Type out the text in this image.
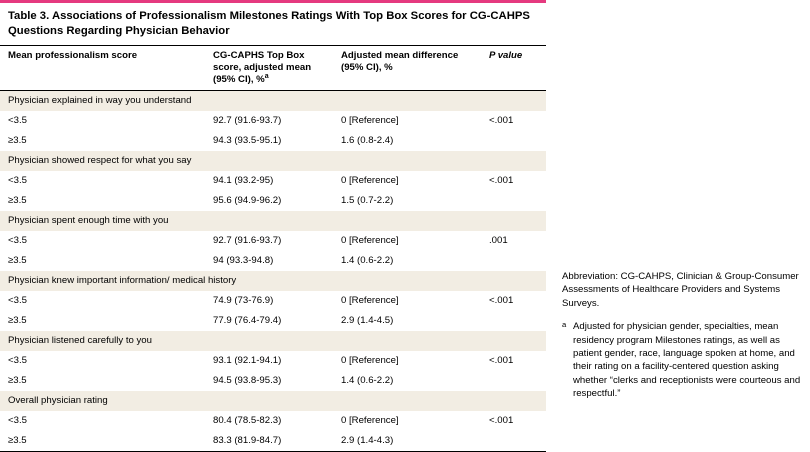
Table 3. Associations of Professionalism Milestones Ratings With Top Box Scores for CG-CAHPS Questions Regarding Physician Behavior
Mean professionalism score	CG-CAPHS Top Box score, adjusted mean (95% CI), %$^a$	Adjusted mean difference (95% CI), %	P value
Physician explained in way you understand			
<3.5	92.7 (91.6-93.7)	0 [Reference]	<.001
≥3.5	94.3 (93.5-95.1)	1.6 (0.8-2.4)	
Physician showed respect for what you say			
<3.5	94.1 (93.2-95)	0 [Reference]	<.001
≥3.5	95.6 (94.9-96.2)	1.5 (0.7-2.2)	
Physician spent enough time with you			
<3.5	92.7 (91.6-93.7)	0 [Reference]	.001
≥3.5	94 (93.3-94.8)	1.4 (0.6-2.2)	
Physician knew important information/ medical history			
<3.5	74.9 (73-76.9)	0 [Reference]	<.001
≥3.5	77.9 (76.4-79.4)	2.9 (1.4-4.5)	
Physician listened carefully to you			
<3.5	93.1 (92.1-94.1)	0 [Reference]	<.001
≥3.5	94.5 (93.8-95.3)	1.4 (0.6-2.2)	
Overall physician rating			
<3.5	80.4 (78.5-82.3)	0 [Reference]	<.001
≥3.5	83.3 (81.9-84.7)	2.9 (1.4-4.3)	
Abbreviation: CG-CAHPS, Clinician & Group-Consumer Assessments of Healthcare Providers and Systems Surveys.
a Adjusted for physician gender, specialties, mean residency program Milestones ratings, as well as patient gender, race, language spoken at home, and their rating on a facility-centered question asking whether “clerks and receptionists were courteous and respectful.”
